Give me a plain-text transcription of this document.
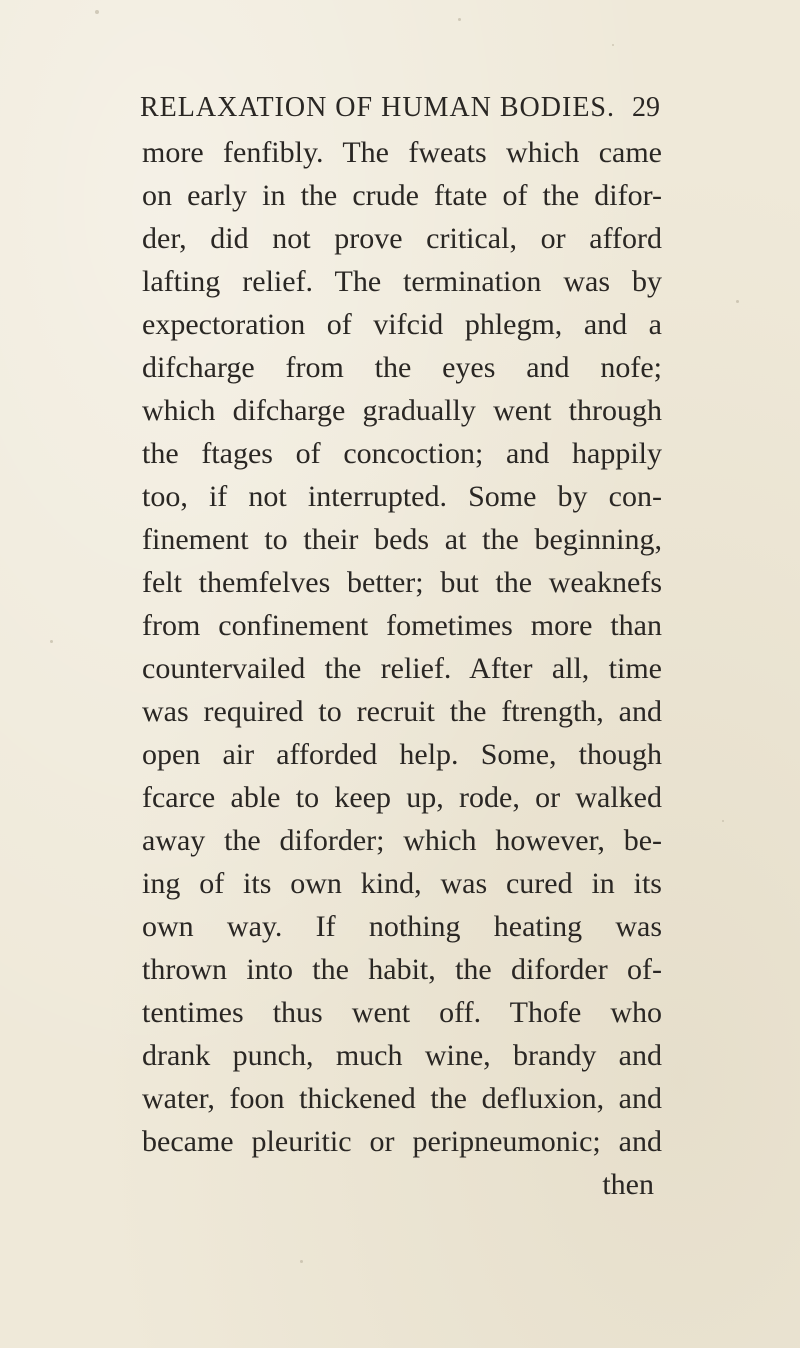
RELAXATION OF HUMAN BODIES. 29
more fenfibly. The fweats which came
on early in the crude ftate of the difor-
der, did not prove critical, or afford
lafting relief. The termination was by
expectoration of vifcid phlegm, and a
difcharge from the eyes and nofe;
which difcharge gradually went through
the ftages of concoction; and happily
too, if not interrupted. Some by con-
finement to their beds at the beginning,
felt themfelves better; but the weaknefs
from confinement fometimes more than
countervailed the relief. After all, time
was required to recruit the ftrength, and
open air afforded help. Some, though
fcarce able to keep up, rode, or walked
away the diforder; which however, be-
ing of its own kind, was cured in its
own way. If nothing heating was
thrown into the habit, the diforder of-
tentimes thus went off. Thofe who
drank punch, much wine, brandy and
water, foon thickened the defluxion, and
became pleuritic or peripneumonic; and
then
